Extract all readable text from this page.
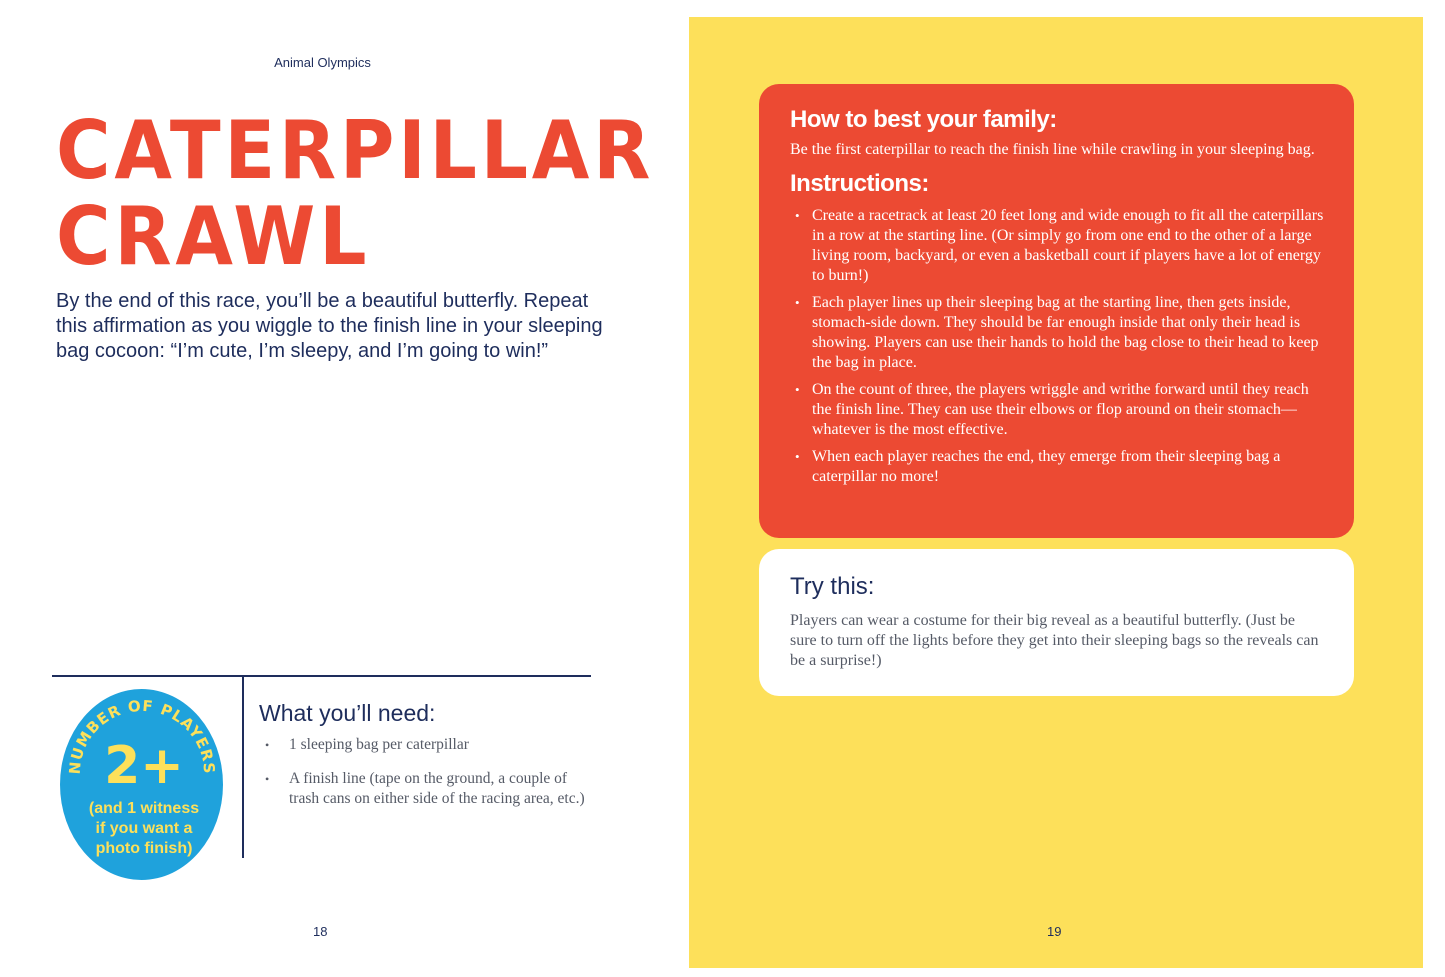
Animal Olympics
CATERPILLAR
CRAWL

By the end of this race, you’ll be a beautiful butterfly. Repeat this affirmation as you wiggle to the finish line in your sleeping bag cocoon: “I’m cute, I’m sleepy, and I’m going to win!”

NUMBER OF PLAYERS
2+
(and 1 witness
if you want a
photo finish)
What you’ll need:
• 1 sleeping bag per caterpillar
• A finish line (tape on the ground, a couple of trash cans on either side of the racing area, etc.)
18
How to best your family:

Be the first caterpillar to reach the finish line while crawling in your sleeping bag.

Instructions:
• Create a racetrack at least 20 feet long and wide enough to fit all the caterpillars in a row at the starting line. (Or simply go from one end to the other of a large living room, backyard, or even a basketball court if players have a lot of energy to burn!)
• Each player lines up their sleeping bag at the starting line, then gets inside, stomach-side down. They should be far enough inside that only their head is showing. Players can use their hands to hold the bag close to their head to keep the bag in place.
• On the count of three, the players wriggle and writhe forward until they reach the finish line. They can use their elbows or flop around on their stomach—whatever is the most effective.
• When each player reaches the end, they emerge from their sleeping bag a caterpillar no more!
Try this:

Players can wear a costume for their big reveal as a beautiful butterfly. (Just be sure to turn off the lights before they get into their sleeping bags so the reveals can be a surprise!)

19
